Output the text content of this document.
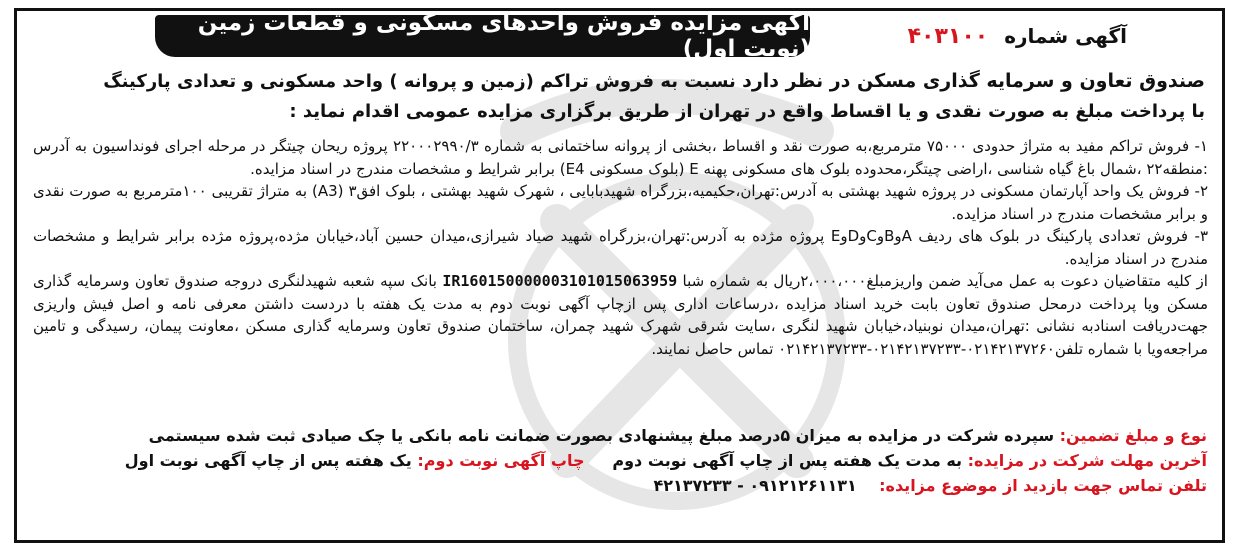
آگهی مزایده فروش واحدهای مسکونی و قطعات زمین (نوبت اول)	آگهی شماره
۴۰۳۱۰۰
صندوق تعاون و سرمایه گذاری مسکن در نظر دارد نسبت به فروش تراکم (زمین و پروانه ) واحد مسکونی و تعدادی پارکینگ
با پرداخت مبلغ به صورت نقدی و یا اقساط واقع در تهران از طریق برگزاری مزایده عمومی اقدام نماید :

۱- فروش تراکم مفید به متراژ حدودی ۷۵۰۰۰ مترمربع،به صورت نقد و اقساط ،بخشی از پروانه ساختمانی به شماره ۲۲۰۰۰۲۹۹۰/۳ پروژه ریحان چیتگر در مرحله اجرای فونداسیون به آدرس :منطقه۲۲ ،شمال باغ گیاه شناسی ،اراضی چیتگر،محدوده بلوک های مسکونی پهنه E (بلوک مسکونی E4) برابر شرایط و مشخصات مندرج در اسناد مزایده.

۲- فروش یک واحد آپارتمان مسکونی در پروژه شهید بهشتی به آدرس:تهران،حکیمیه،بزرگراه شهیدبابایی ، شهرک شهید بهشتی ، بلوک افق۳ (A3) به متراژ تقریبی ۱۰۰مترمربع به صورت نقدی و برابر مشخصات مندرج در اسناد مزایده.

۳- فروش تعدادی پارکینگ در بلوک های ردیف AوBوCوDوE پروژه مژده به آدرس:تهران،بزرگراه شهید صیاد شیرازی،میدان حسین آباد،خیابان مژده،پروژه مژده برابر شرایط و مشخصات مندرج در اسناد مزایده.

از کلیه متقاضیان دعوت به عمل می‌آید ضمن واریزمبلغ۲،۰۰۰،۰۰۰ریال به شماره شبا IR160150000003101015063959 بانک سپه شعبه شهیدلنگری دروجه صندوق تعاون وسرمایه گذاری مسکن ویا پرداخت درمحل صندوق تعاون بابت خرید اسناد مزایده ،درساعات اداری پس ازچاپ آگهی نوبت دوم به مدت یک هفته با دردست داشتن معرفی نامه و اصل فیش واریزی جهت‌دریافت اسناد‌به نشانی :تهران،میدان نوبنیاد،خیابان شهید لنگری ،سایت شرقی شهرک شهید چمران، ساختمان صندوق تعاون وسرمایه گذاری مسکن ،معاونت پیمان، رسیدگی و تامین مراجعه‌ویا با شماره تلفن۰۲۱۴۲۱۳۷۲۶۰-۰۲۱۴۲۱۳۷۲۳۳-۰۲۱۴۲۱۳۷۲۳۳ تماس حاصل نمایند.

نوع و مبلغ تضمین: سپرده شرکت در مزایده به میزان ۵درصد مبلغ پیشنهادی بصورت ضمانت نامه بانکی یا چک صیادی ثبت شده سیستمی
آخرین مهلت شرکت در مزایده: به مدت یک هفته پس از چاپ آگهی نوبت دوم     چاپ آگهی نوبت دوم: یک هفته پس از چاپ آگهی نوبت اول
تلفن تماس جهت بازدید از موضوع مزایده:    ۰۹۱۲۱۲۶۱۱۳۱ - ۴۲۱۳۷۲۳۳
